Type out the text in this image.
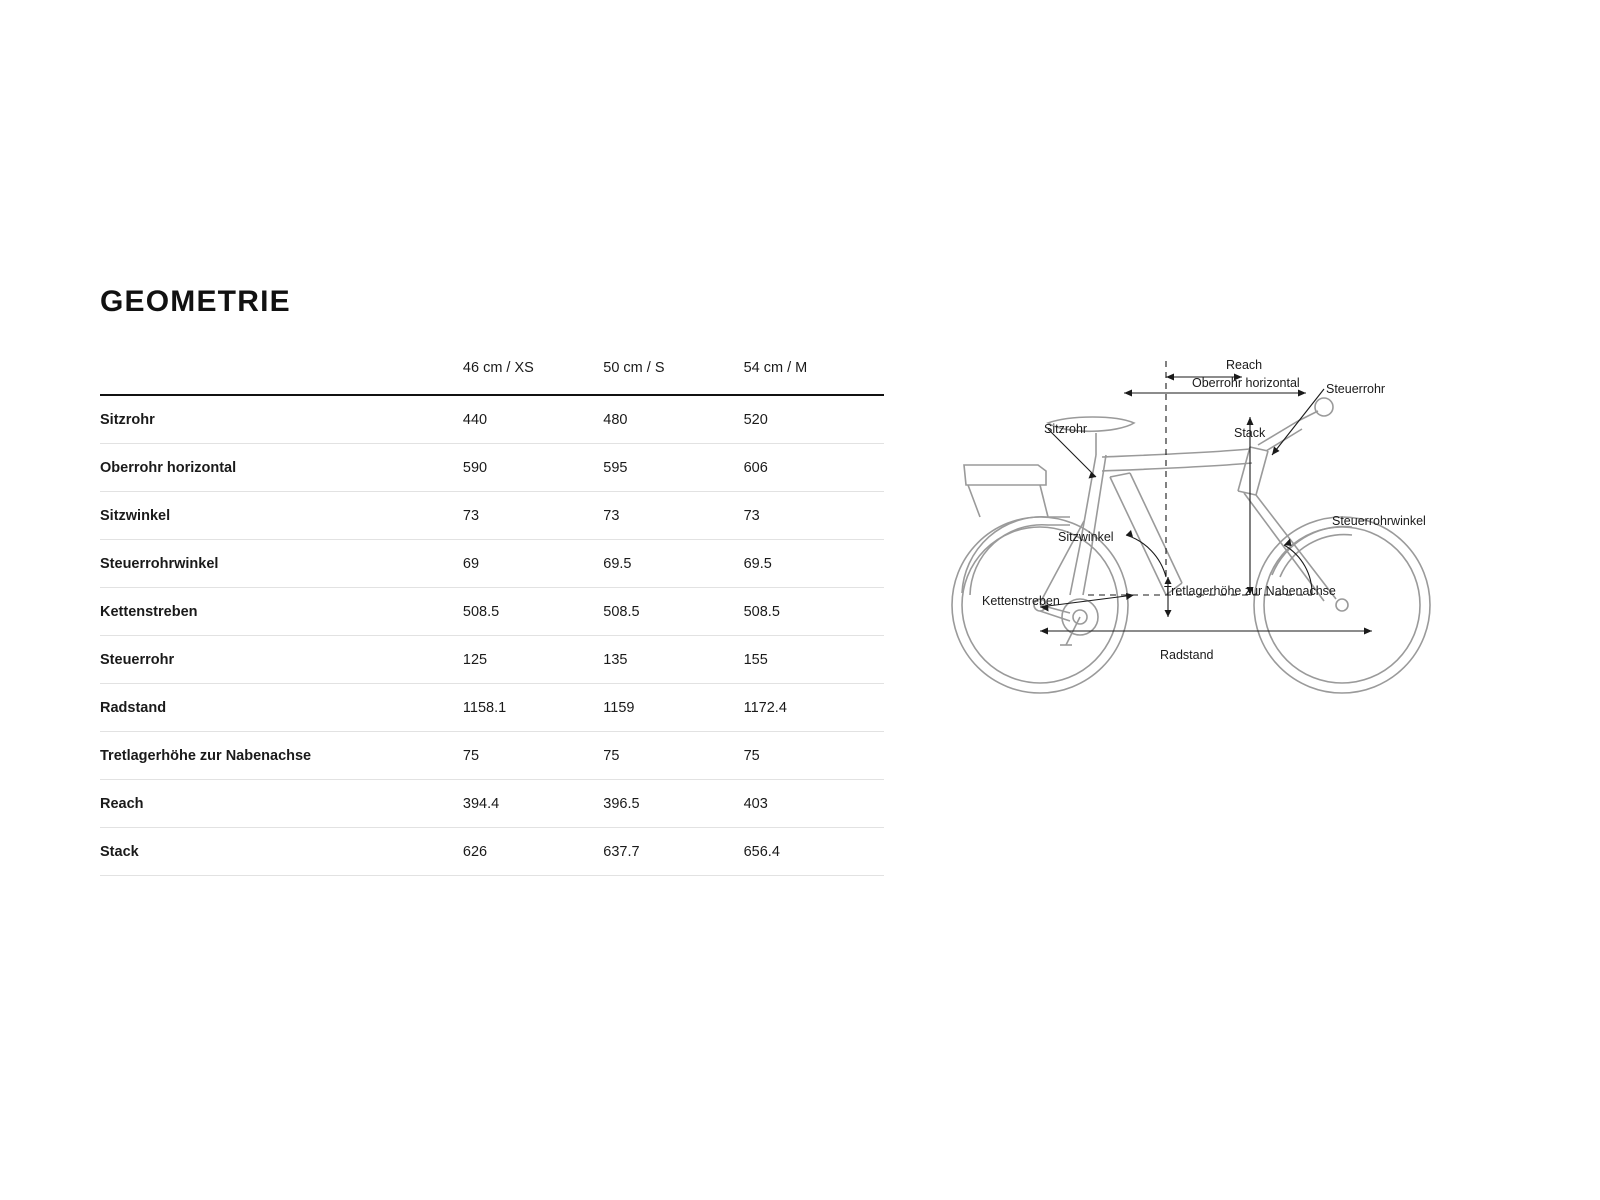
GEOMETRIE
	46 cm / XS	50 cm / S	54 cm / M
Sitzrohr	440	480	520
Oberrohr horizontal	590	595	606
Sitzwinkel	73	73	73
Steuerrohrwinkel	69	69.5	69.5
Kettenstreben	508.5	508.5	508.5
Steuerrohr	125	135	155
Radstand	1158.1	1159	1172.4
Tretlagerhöhe zur Nabenachse	75	75	75
Reach	394.4	396.5	403
Stack	626	637.7	656.4
Reach
Oberrohr horizontal Steuerrohr
Sitzrohr	Stack
Sitzwinkel
Steuerrohrwinkel
Tretlagerhöhe zur Nabenachse
Kettenstreben
Radstand
